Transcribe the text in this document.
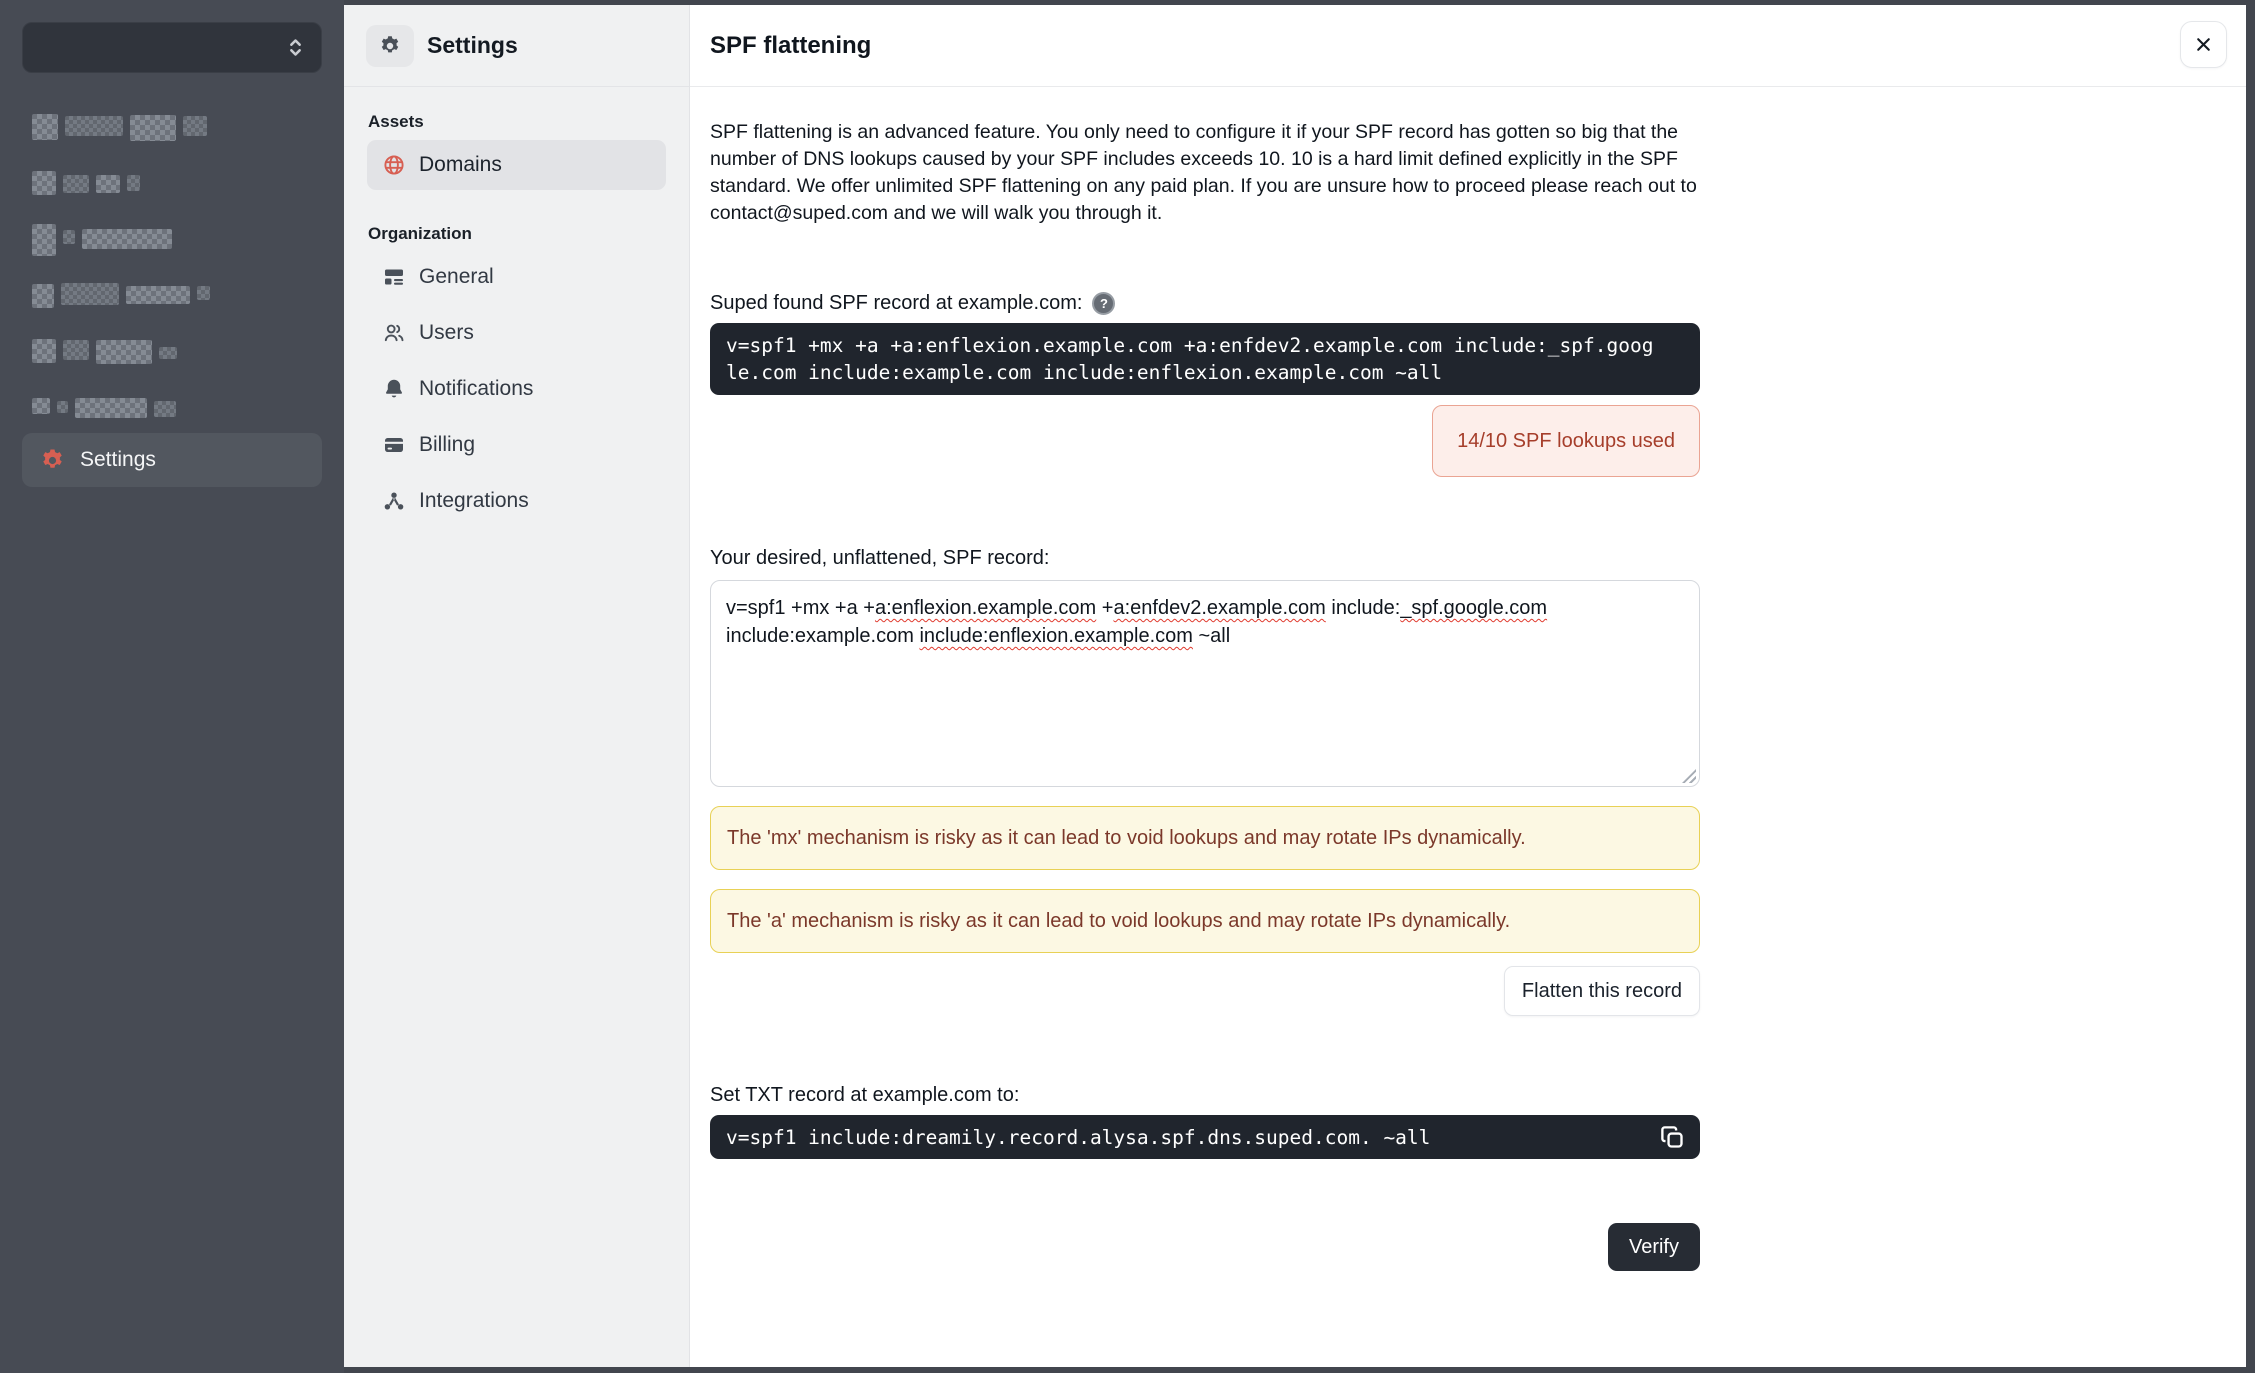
Settings
Settings
Assets
Domains
Organization
General
Users
Notifications
Billing
Integrations
SPF flattening
SPF flattening is an advanced feature. You only need to configure it if your SPF record has gotten so big that the
number of DNS lookups caused by your SPF includes exceeds 10. 10 is a hard limit defined explicitly in the SPF
standard. We offer unlimited SPF flattening on any paid plan. If you are unsure how to proceed please reach out to
contact@suped.com and we will walk you through it.
Suped found SPF record at example.com:	?
v=spf1 +mx +a +a:enflexion.example.com +a:enfdev2.example.com include:_spf.goog
le.com include:example.com include:enflexion.example.com ~all
14/10 SPF lookups used
Your desired, unflattened, SPF record:
v=spf1 +mx +a +a:enflexion.example.com +a:enfdev2.example.com include:_spf.google.com
include:example.com include:enflexion.example.com ~all
The 'mx' mechanism is risky as it can lead to void lookups and may rotate IPs dynamically.
The 'a' mechanism is risky as it can lead to void lookups and may rotate IPs dynamically.
Flatten this record
Set TXT record at example.com to:
v=spf1 include:dreamily.record.alysa.spf.dns.suped.com. ~all
Verify
